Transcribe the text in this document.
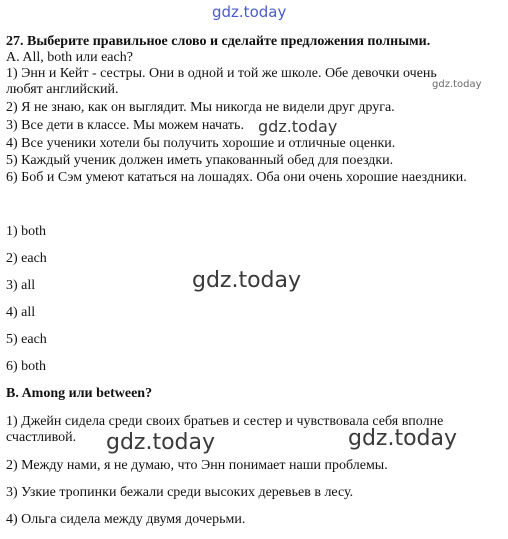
gdz.today
gdz.today
gdz.today
gdz.today
gdz.today	gdz.today
27. Выберите правильное слово и сделайте предложения полными.
A. All, both или each?
1) Энн и Кейт - сестры. Они в одной и той же школе. Обе девочки очень
любят английский.
2) Я не знаю, как он выглядит. Мы никогда не видели друг друга.
3) Все дети в классе. Мы можем начать.
4) Все ученики хотели бы получить хорошие и отличные оценки.
5) Каждый ученик должен иметь упакованный обед для поездки.
6) Боб и Сэм умеют кататься на лошадях. Оба они очень хорошие наездники.
1) both
2) each
3) all
4) all
5) each
6) both
B. Among или between?
1) Джейн сидела среди своих братьев и сестер и чувствовала себя вполне
счастливой.
2) Между нами, я не думаю, что Энн понимает наши проблемы.
3) Узкие тропинки бежали среди высоких деревьев в лесу.
4) Ольга сидела между двумя дочерьми.
